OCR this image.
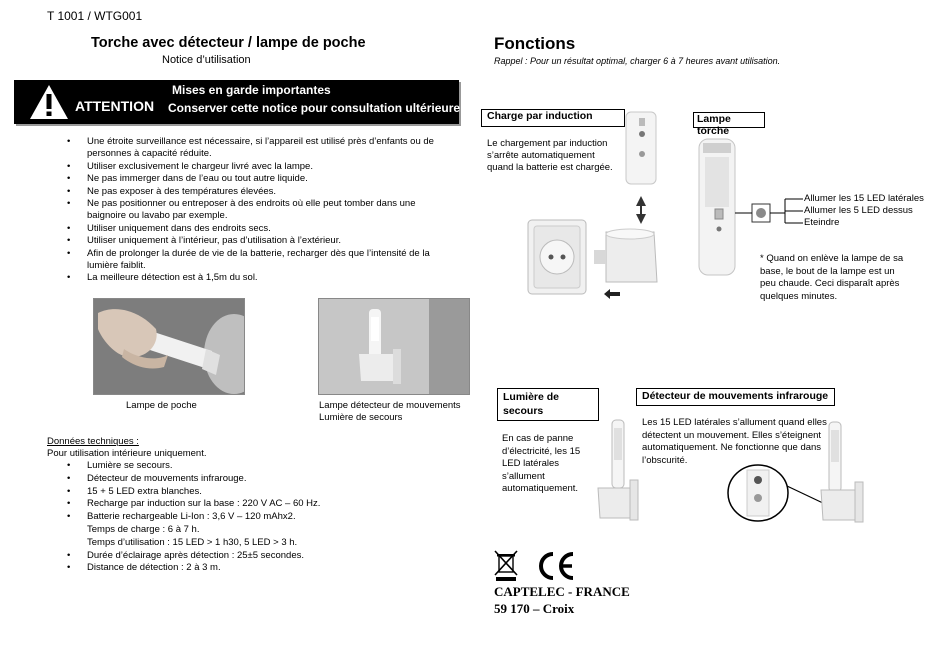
T 1001 / WTG001
Torche avec détecteur / lampe de poche
Notice d’utilisation
ATTENTION
Mises en garde importantes
Conserver cette notice pour consultation ultérieure
• Une étroite surveillance est nécessaire, si l’appareil est utilisé près d’enfants ou de personnes à capacité réduite.
• Utiliser exclusivement le chargeur livré avec la lampe.
• Ne pas immerger dans de l’eau ou tout autre liquide.
• Ne pas exposer à des températures élevées.
• Ne pas positionner ou entreposer à des endroits où elle peut tomber dans une baignoire ou lavabo par exemple.
• Utiliser uniquement dans des endroits secs.
• Utiliser uniquement à l’intérieur, pas d’utilisation à l’extérieur.
• Afin de prolonger la durée de vie de la batterie, recharger dès que l’intensité de la lumière faiblit.
• La meilleure détection est à 1,5m du sol.
Lampe de poche	Lampe détecteur de mouvements
Lumière de secours
Données techniques :
Pour utilisation intérieure uniquement.
• Lumière se secours.
• Détecteur de mouvements infrarouge.
• 15 + 5 LED extra blanches.
• Recharge par induction sur la base : 220 V AC – 60 Hz.
• Batterie rechargeable Li-Ion : 3,6 V – 120 mAhx2.
Temps de charge : 6 à 7 h.
Temps d’utilisation : 15 LED > 1 h30, 5 LED > 3 h.
• Durée d’éclairage après détection : 25±5 secondes.
• Distance de détection : 2 à 3 m.
Fonctions
Rappel : Pour un résultat optimal, charger 6 à 7 heures avant utilisation.
Charge par induction
Le chargement par induction
s’arrête automatiquement
quand la batterie est chargée.
Lampe torche
Allumer les 15 LED latérales
Allumer les 5 LED dessus
Eteindre
* Quand on enlève la lampe de sa base, le bout de la lampe est un peu chaude. Ceci disparaît après quelques minutes.
Lumière de secours
En cas de panne d’électricité, les 15 LED latérales s’allument automatiquement.
Détecteur de mouvements infrarouge
Les 15 LED latérales s’allument quand elles détectent un mouvement. Elles s’éteignent automatiquement. Ne fonctionne que dans l’obscurité.
CAPTELEC - FRANCE
59 170 – Croix
